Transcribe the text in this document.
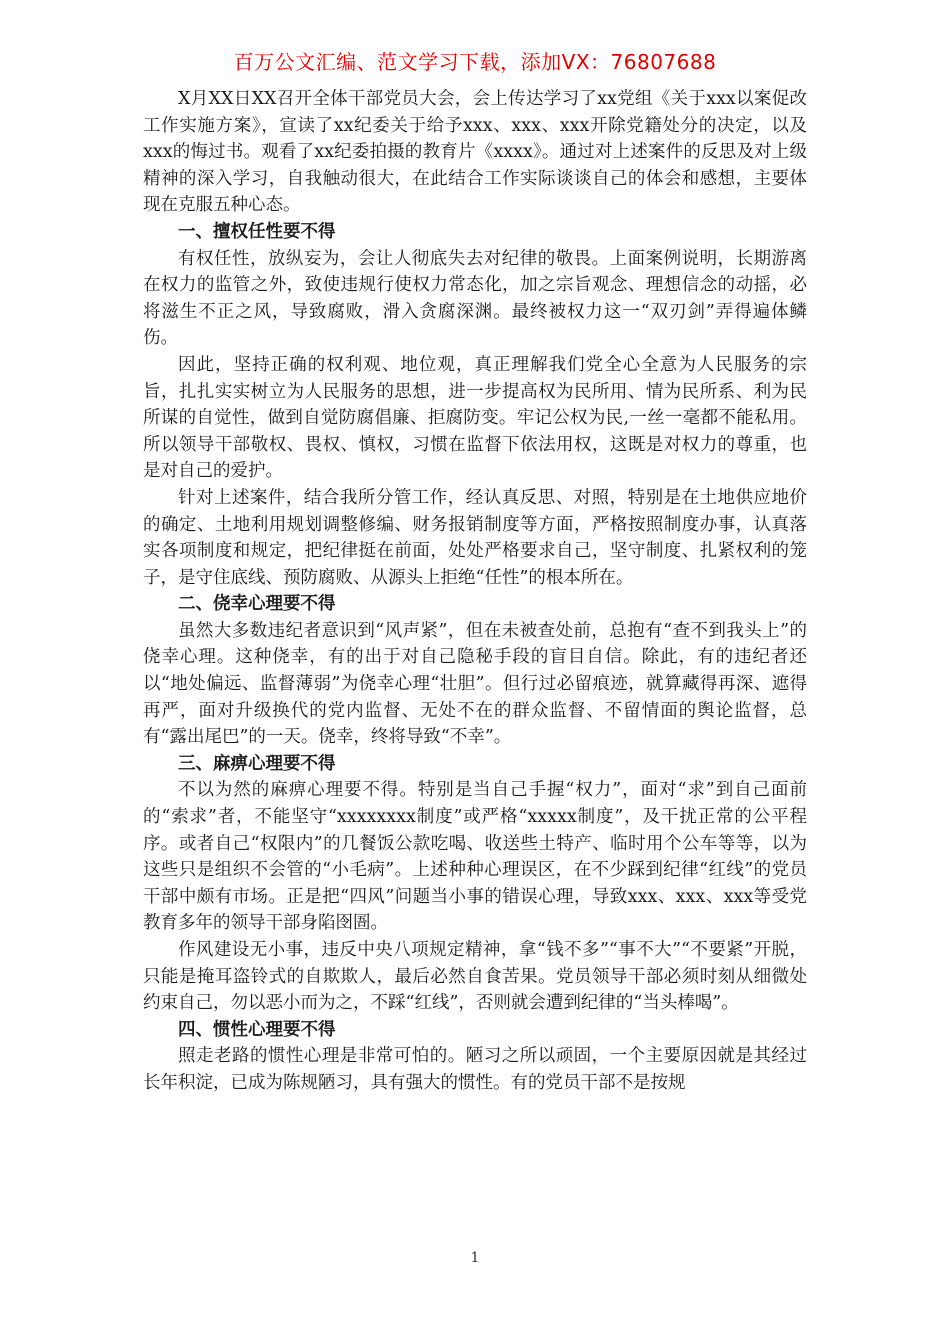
百万公文汇编、范文学习下载，添加VX：76807688

X月XX日XX召开全体干部党员大会，会上传达学习了xx党组《关于xxx以案促改工作实施方案》，宣读了xx纪委关于给予xxx、xxx、xxx开除党籍处分的决定，以及xxx的悔过书。观看了xx纪委拍摄的教育片《xxxx》。通过对上述案件的反思及对上级精神的深入学习，自我触动很大，在此结合工作实际谈谈自己的体会和感想，主要体现在克服五种心态。

一、擅权任性要不得

有权任性，放纵妄为，会让人彻底失去对纪律的敬畏。上面案例说明，长期游离在权力的监管之外，致使违规行使权力常态化，加之宗旨观念、理想信念的动摇，必将滋生不正之风，导致腐败，滑入贪腐深渊。最终被权力这一“双刃剑”弄得遍体鳞伤。

因此，坚持正确的权利观、地位观，真正理解我们党全心全意为人民服务的宗旨，扎扎实实树立为人民服务的思想，进一步提高权为民所用、情为民所系、利为民所谋的自觉性，做到自觉防腐倡廉、拒腐防变。牢记公权为民,一丝一毫都不能私用。所以领导干部敬权、畏权、慎权，习惯在监督下依法用权，这既是对权力的尊重，也是对自己的爱护。

针对上述案件，结合我所分管工作，经认真反思、对照，特别是在土地供应地价的确定、土地利用规划调整修编、财务报销制度等方面，严格按照制度办事，认真落实各项制度和规定，把纪律挺在前面，处处严格要求自己，坚守制度、扎紧权利的笼子，是守住底线、预防腐败、从源头上拒绝“任性”的根本所在。

二、侥幸心理要不得

虽然大多数违纪者意识到“风声紧”，但在未被查处前，总抱有“查不到我头上”的侥幸心理。这种侥幸，有的出于对自己隐秘手段的盲目自信。除此，有的违纪者还以“地处偏远、监督薄弱”为侥幸心理“壮胆”。但行过必留痕迹，就算藏得再深、遮得再严，面对升级换代的党内监督、无处不在的群众监督、不留情面的舆论监督，总有“露出尾巴”的一天。侥幸，终将导致“不幸”。

三、麻痹心理要不得

不以为然的麻痹心理要不得。特别是当自己手握“权力”，面对“求”到自己面前的“索求”者，不能坚守“xxxxxxxx制度”或严格“xxxxx制度”，及干扰正常的公平程序。或者自己“权限内”的几餐饭公款吃喝、收送些土特产、临时用个公车等等，以为这些只是组织不会管的“小毛病”。上述种种心理误区，在不少踩到纪律“红线”的党员干部中颇有市场。正是把“四风”问题当小事的错误心理，导致xxx、xxx、xxx等受党教育多年的领导干部身陷囹圄。

作风建设无小事，违反中央八项规定精神，拿“钱不多”“事不大”“不要紧”开脱，只能是掩耳盗铃式的自欺欺人，最后必然自食苦果。党员领导干部必须时刻从细微处约束自己，勿以恶小而为之，不踩“红线”，否则就会遭到纪律的“当头棒喝”。

四、惯性心理要不得

照走老路的惯性心理是非常可怕的。陋习之所以顽固，一个主要原因就是其经过长年积淀，已成为陈规陋习，具有强大的惯性。有的党员干部不是按规

1
